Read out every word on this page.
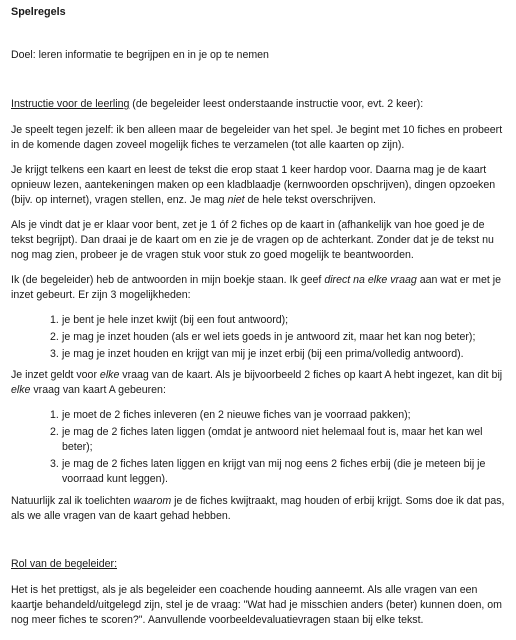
Spelregels

Doel: leren informatie te begrijpen en in je op te nemen

Instructie voor de leerling (de begeleider leest onderstaande instructie voor, evt. 2 keer):

Je speelt tegen jezelf: ik ben alleen maar de begeleider van het spel. Je begint met 10 fiches en probeert in de komende dagen zoveel mogelijk fiches te verzamelen (tot alle kaarten op zijn).

Je krijgt telkens een kaart en leest de tekst die erop staat 1 keer hardop voor. Daarna mag je de kaart opnieuw lezen, aantekeningen maken op een kladblaadje (kernwoorden opschrijven), dingen opzoeken (bijv. op internet), vragen stellen, enz. Je mag niet de hele tekst overschrijven.

Als je vindt dat je er klaar voor bent, zet je 1 óf 2 fiches op de kaart in (afhankelijk van hoe goed je de tekst begrijpt). Dan draai je de kaart om en zie je de vragen op de achterkant. Zonder dat je de tekst nu nog mag zien, probeer je de vragen stuk voor stuk zo goed mogelijk te beantwoorden.

Ik (de begeleider) heb de antwoorden in mijn boekje staan. Ik geef direct na elke vraag aan wat er met je inzet gebeurt. Er zijn 3 mogelijkheden:

1. je bent je hele inzet kwijt (bij een fout antwoord);
2. je mag je inzet houden (als er wel iets goeds in je antwoord zit, maar het kan nog beter);
3. je mag je inzet houden en krijgt van mij je inzet erbij (bij een prima/volledig antwoord).

Je inzet geldt voor elke vraag van de kaart. Als je bijvoorbeeld 2 fiches op kaart A hebt ingezet, kan dit bij elke vraag van kaart A gebeuren:

1. je moet de 2 fiches inleveren (en 2 nieuwe fiches van je voorraad pakken);
2. je mag de 2 fiches laten liggen (omdat je antwoord niet helemaal fout is, maar het kan wel beter);
3. je mag de 2 fiches laten liggen en krijgt van mij nog eens 2 fiches erbij (die je meteen bij je voorraad kunt leggen).

Natuurlijk zal ik toelichten waarom je de fiches kwijtraakt, mag houden of erbij krijgt. Soms doe ik dat pas, als we alle vragen van de kaart gehad hebben.

Rol van de begeleider:

Het is het prettigst, als je als begeleider een coachende houding aanneemt. Als alle vragen van een kaartje behandeld/uitgelegd zijn, stel je de vraag: "Wat had je misschien anders (beter) kunnen doen, om nog meer fiches te scoren?". Aanvullende voorbeeldevaluatievragen staan bij elke tekst.
